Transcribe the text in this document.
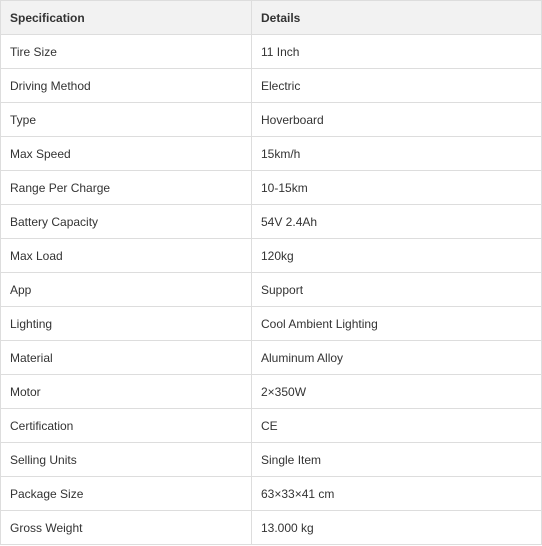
Specification	Details
Tire Size	11 Inch
Driving Method	Electric
Type	Hoverboard
Max Speed	15km/h
Range Per Charge	10-15km
Battery Capacity	54V 2.4Ah
Max Load	120kg
App	Support
Lighting	Cool Ambient Lighting
Material	Aluminum Alloy
Motor	2×350W
Certification	CE
Selling Units	Single Item
Package Size	63×33×41 cm
Gross Weight	13.000 kg
